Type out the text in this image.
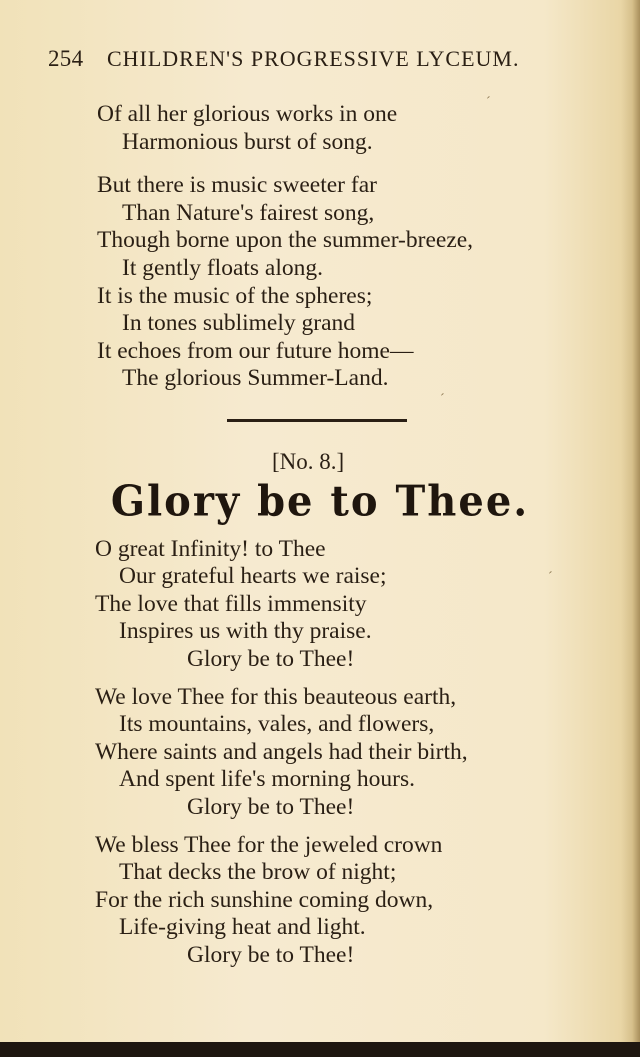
254 CHILDREN'S PROGRESSIVE LYCEUM.
Of all her glorious works in one
Harmonious burst of song.
But there is music sweeter far
Than Nature's fairest song,
Though borne upon the summer-breeze,
It gently floats along.
It is the music of the spheres;
In tones sublimely grand
It echoes from our future home—
The glorious Summer-Land.
[No. 8.]
Glory be to Thee.
O great Infinity! to Thee
Our grateful hearts we raise;
The love that fills immensity
Inspires us with thy praise.
Glory be to Thee!
We love Thee for this beauteous earth,
Its mountains, vales, and flowers,
Where saints and angels had their birth,
And spent life's morning hours.
Glory be to Thee!
We bless Thee for the jeweled crown
That decks the brow of night;
For the rich sunshine coming down,
Life-giving heat and light.
Glory be to Thee!
´
ˊ
ˊ
